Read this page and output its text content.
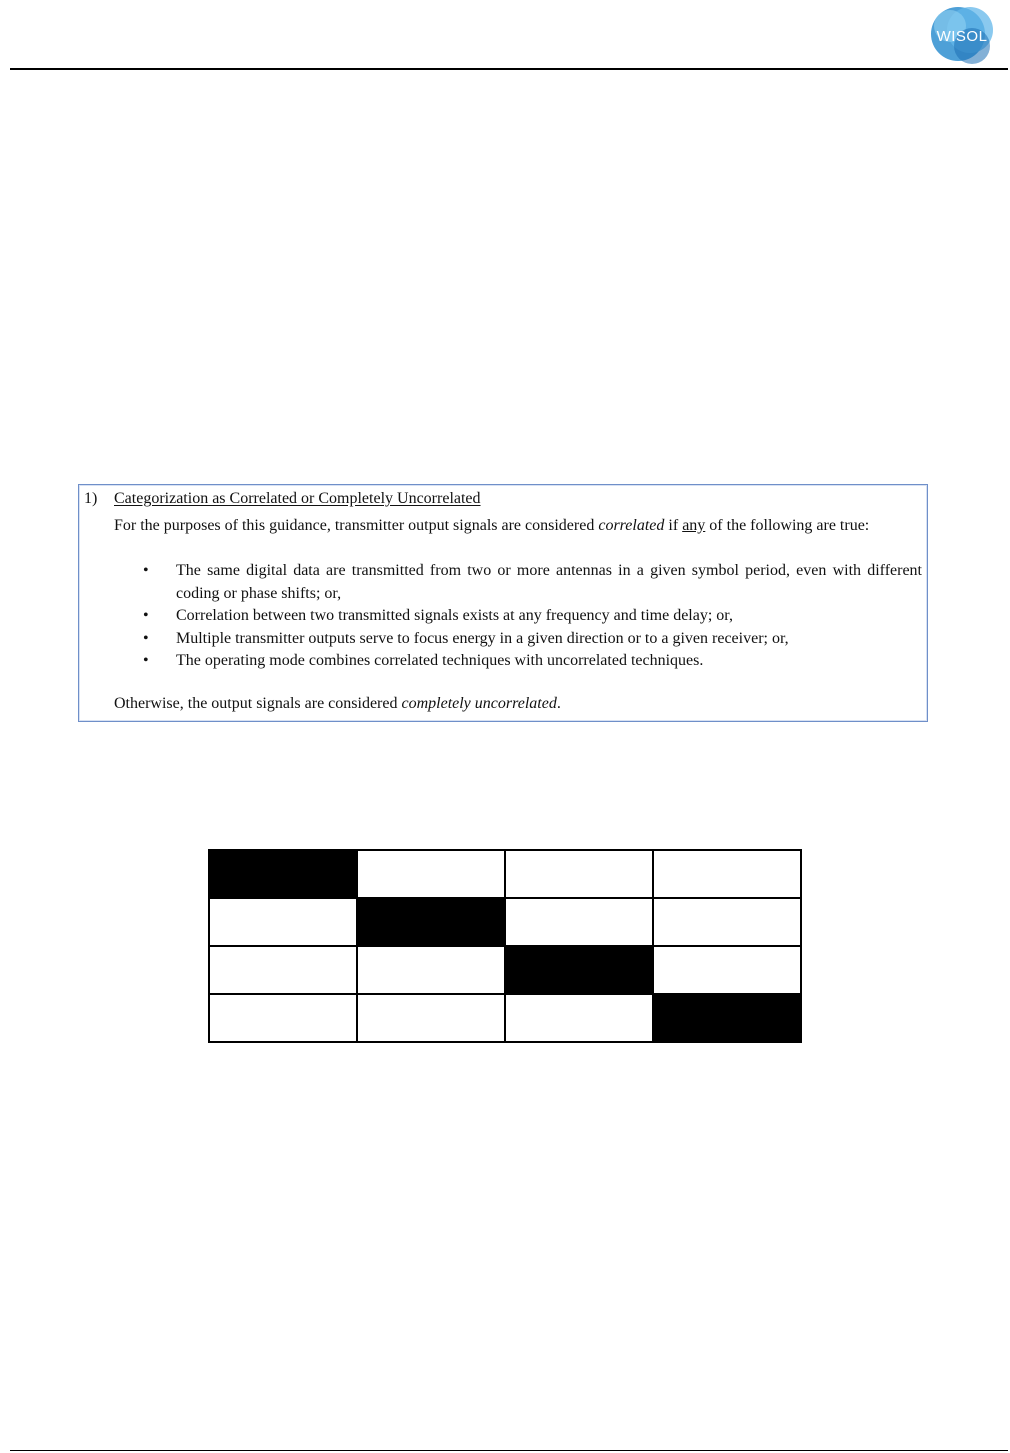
WISOL
1) Categorization as Correlated or Completely Uncorrelated

For the purposes of this guidance, transmitter output signals are considered correlated if any of the following are true:

• The same digital data are transmitted from two or more antennas in a given symbol period, even with different coding or phase shifts; or,
• Correlation between two transmitted signals exists at any frequency and time delay; or,
• Multiple transmitter outputs serve to focus energy in a given direction or to a given receiver; or,
• The operating mode combines correlated techniques with uncorrelated techniques.

Otherwise, the output signals are considered completely uncorrelated.
